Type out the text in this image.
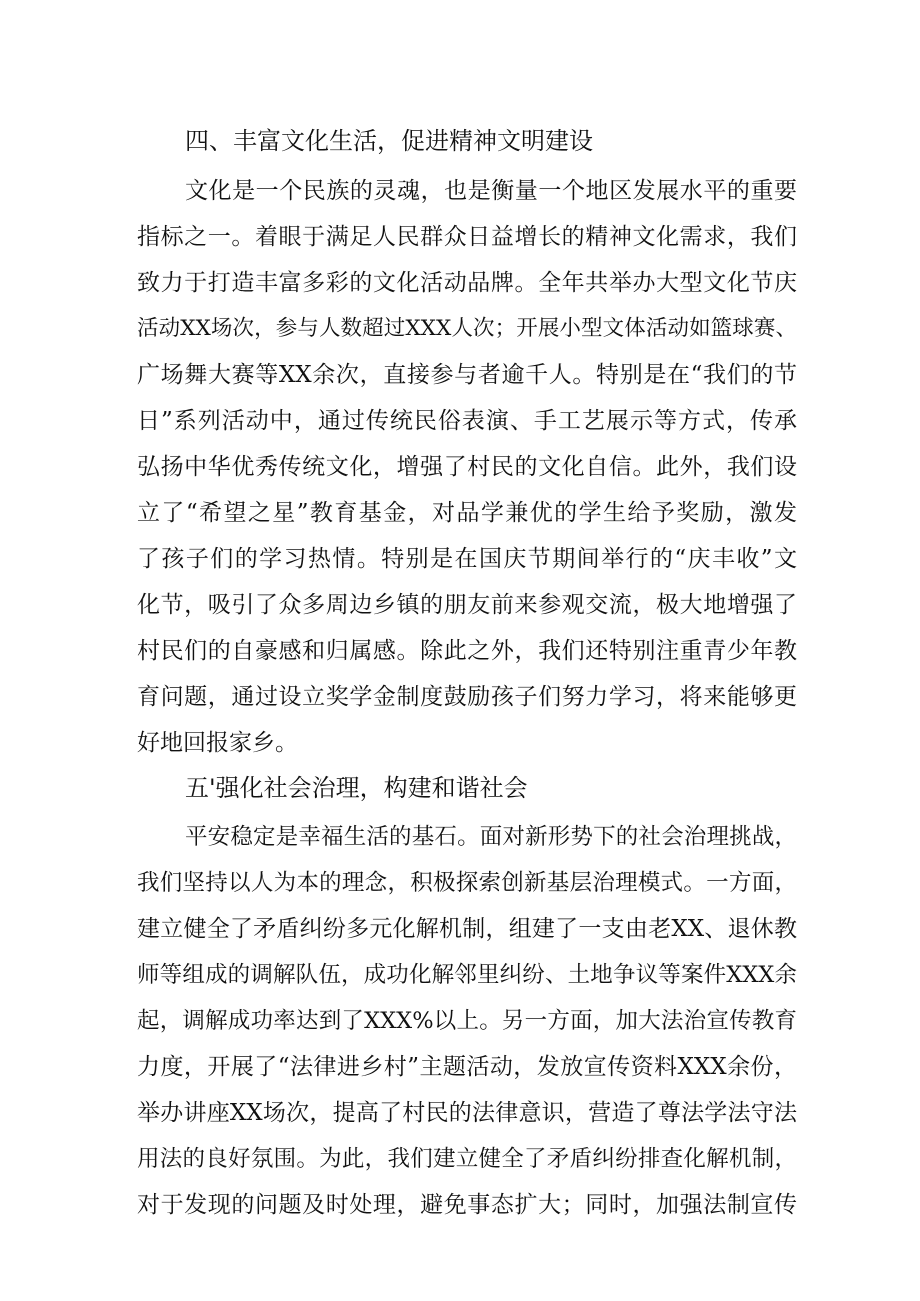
四、丰富文化生活，促进精神文明建设
文化是一个民族的灵魂，也是衡量一个地区发展水平的重要
指标之一。着眼于满足人民群众日益增长的精神文化需求，我们
致力于打造丰富多彩的文化活动品牌。全年共举办大型文化节庆
活动XX场次，参与人数超过XXX人次；开展小型文体活动如篮球赛、
广场舞大赛等XX余次，直接参与者逾千人。特别是在“我们的节
日”系列活动中，通过传统民俗表演、手工艺展示等方式，传承
弘扬中华优秀传统文化，增强了村民的文化自信。此外，我们设
立了“希望之星”教育基金，对品学兼优的学生给予奖励，激发
了孩子们的学习热情。特别是在国庆节期间举行的“庆丰收”文
化节，吸引了众多周边乡镇的朋友前来参观交流，极大地增强了
村民们的自豪感和归属感。除此之外，我们还特别注重青少年教
育问题，通过设立奖学金制度鼓励孩子们努力学习，将来能够更
好地回报家乡。
五'强化社会治理，构建和谐社会
平安稳定是幸福生活的基石。面对新形势下的社会治理挑战，
我们坚持以人为本的理念，积极探索创新基层治理模式。一方面，
建立健全了矛盾纠纷多元化解机制，组建了一支由老XX、退休教
师等组成的调解队伍，成功化解邻里纠纷、土地争议等案件XXX余
起，调解成功率达到了XXX%以上。另一方面，加大法治宣传教育
力度，开展了“法律进乡村”主题活动，发放宣传资料XXX余份，
举办讲座XX场次，提高了村民的法律意识，营造了尊法学法守法
用法的良好氛围。为此，我们建立健全了矛盾纠纷排查化解机制，
对于发现的问题及时处理，避免事态扩大；同时，加强法制宣传
